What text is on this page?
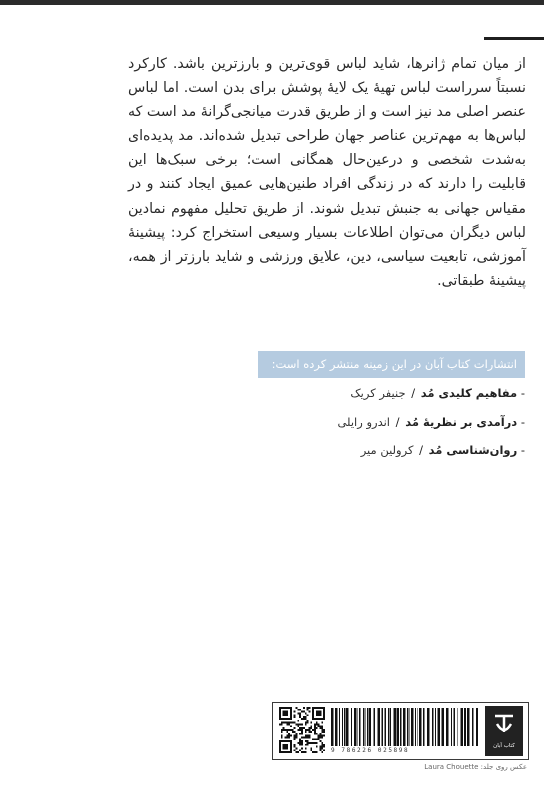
از میان تمام ژانرها، شاید لباس قوی‌ترین و بارزترین باشد. کارکرد نسبتاً سرراست لباس تهیهٔ یک لایهٔ پوشش برای بدن است. اما لباس عنصر اصلی مد نیز است و از طریق قدرت میانجی‌گرانهٔ مد است که لباس‌ها به مهم‌ترین عناصر جهان طراحی تبدیل شده‌اند. مد پدیده‌ای به‌شدت شخصی و درعین‌حال همگانی است؛ برخی سبک‌ها این قابلیت را دارند که در زندگی افراد طنین‌هایی عمیق ایجاد کنند و در مقیاس جهانی به جنبش تبدیل شوند. از طریق تحلیل مفهوم نمادین لباس دیگران می‌توان اطلاعات بسیار وسیعی استخراج کرد: پیشینهٔ آموزشی، تابعیت سیاسی، دین، علایق ورزشی و شاید بارزتر از همه، پیشینهٔ طبقاتی.
انتشارات کتاب آبان در این زمینه منتشر کرده است:
- مفاهیم کلیدی مُد / جنیفر کریک
- درآمدی بر نظریهٔ مُد / اندرو رایلی
- روان‌شناسی مُد / کرولین میر
9 786226 025898
کتاب آبان
عکس روی جلد: Laura Chouette
